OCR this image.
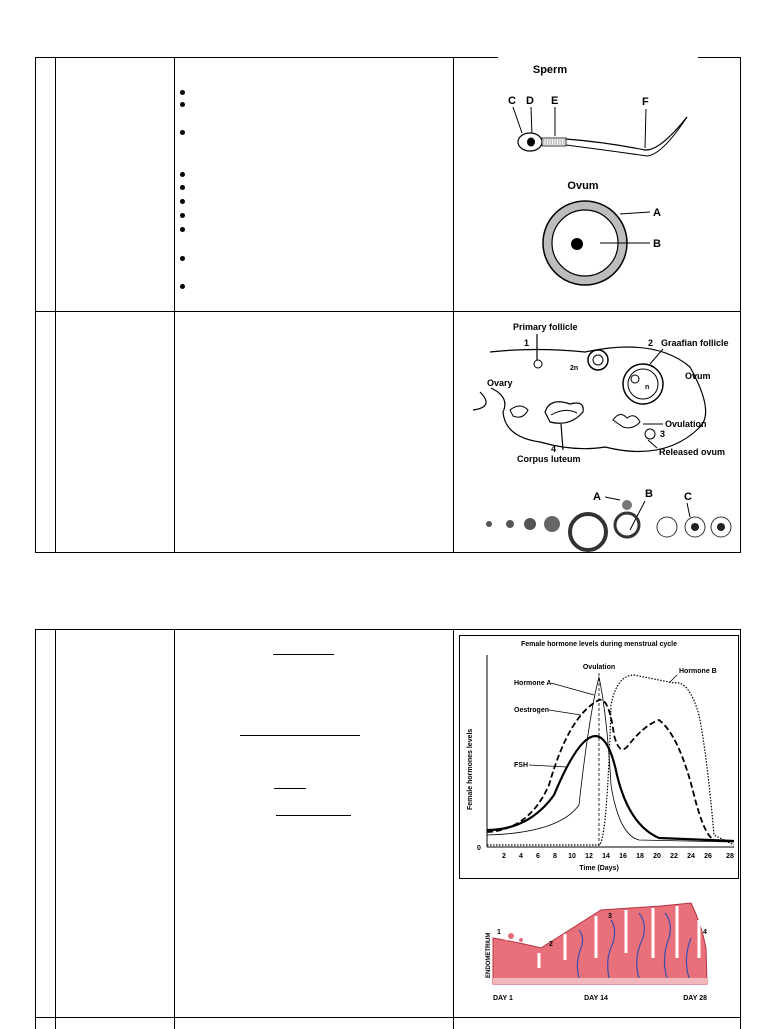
Sperm
C D E	F
Ovum
A
B
Primary follicle
1	2 Graafian follicle
Ovum
Ovary
2n
n
Ovulation
3
Released ovum
4
Corpus luteum
A	B	C
Female hormone levels during menstrual cycle
0
Female hormones levels
2 4 6 8 10 12 14 16 18 20 22 24 26 28
Time (Days)
Ovulation
Hormone A
Hormone B
Oestrogen
FSH
1
2
3
4
ENDOMETRIUM
DAY 1	DAY 14	DAY 28
